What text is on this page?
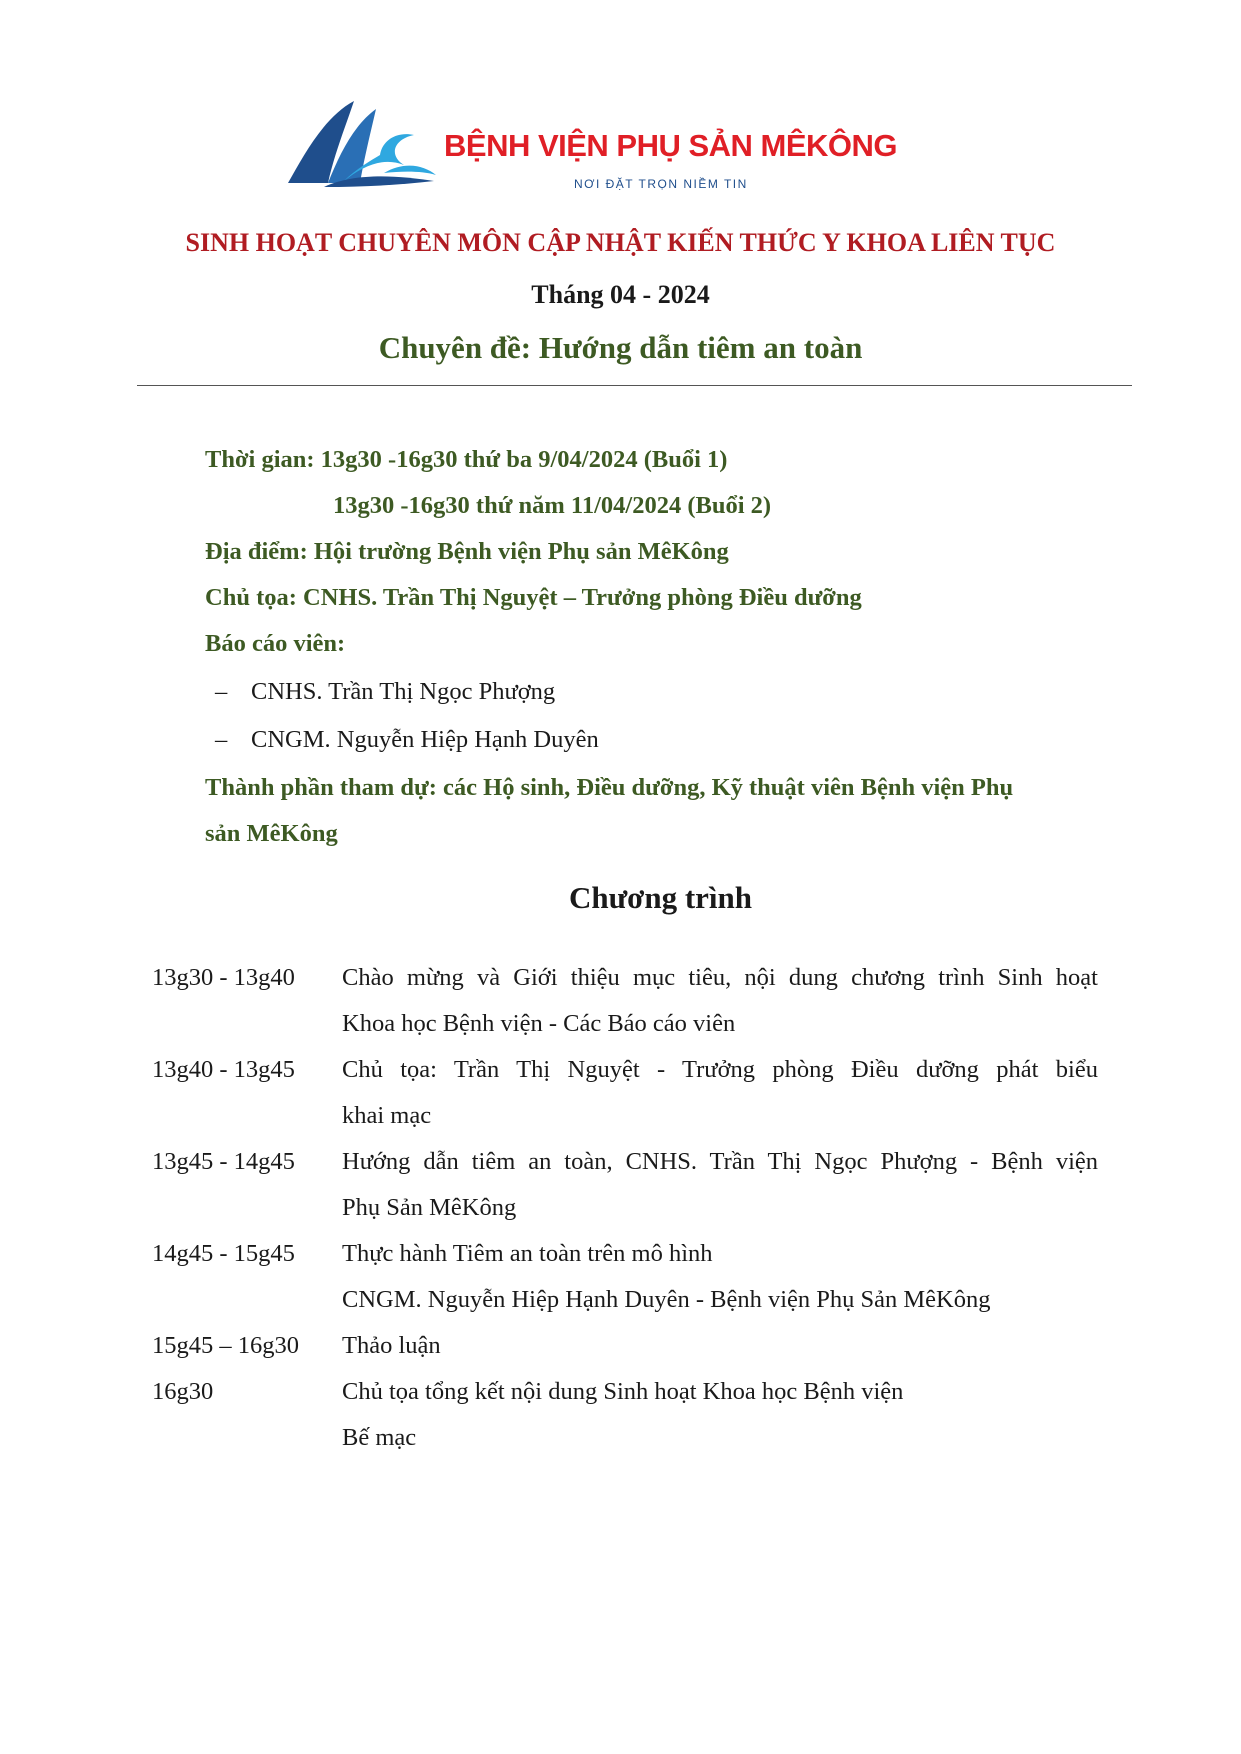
BỆNH VIỆN PHỤ SẢN MÊKÔNG
NƠI ĐẶT TRỌN NIỀM TIN
SINH HOẠT CHUYÊN MÔN CẬP NHẬT KIẾN THỨC Y KHOA LIÊN TỤC
Tháng 04 - 2024
Chuyên đề: Hướng dẫn tiêm an toàn
Thời gian: 13g30 -16g30 thứ ba 9/04/2024 (Buổi 1)
13g30 -16g30 thứ năm 11/04/2024 (Buổi 2)
Địa điểm: Hội trường Bệnh viện Phụ sản MêKông
Chủ tọa: CNHS. Trần Thị Nguyệt – Trưởng phòng Điều dưỡng
Báo cáo viên:
– CNHS. Trần Thị Ngọc Phượng
– CNGM. Nguyễn Hiệp Hạnh Duyên
Thành phần tham dự: các Hộ sinh, Điều dưỡng, Kỹ thuật viên Bệnh viện Phụ
sản MêKông
Chương trình
13g30 - 13g40 Chào mừng và Giới thiệu mục tiêu, nội dung chương trình Sinh hoạt
Khoa học Bệnh viện - Các Báo cáo viên
13g40 - 13g45 Chủ tọa: Trần Thị Nguyệt - Trưởng phòng Điều dưỡng phát biểu
khai mạc
13g45 - 14g45 Hướng dẫn tiêm an toàn, CNHS. Trần Thị Ngọc Phượng - Bệnh viện
Phụ Sản MêKông
14g45 - 15g45 Thực hành Tiêm an toàn trên mô hình
CNGM. Nguyễn Hiệp Hạnh Duyên - Bệnh viện Phụ Sản MêKông
15g45 – 16g30 Thảo luận
16g30	Chủ tọa tổng kết nội dung Sinh hoạt Khoa học Bệnh viện
Bế mạc
